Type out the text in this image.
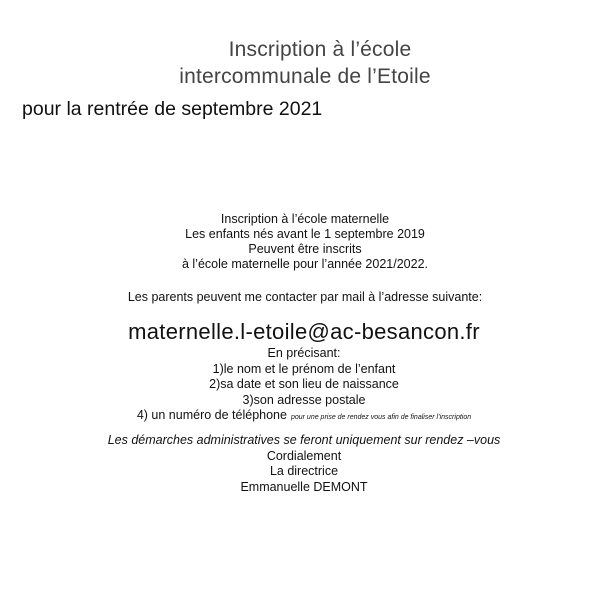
Inscription à l’école
intercommunale de l’Etoile
pour la rentrée de septembre 2021
Inscription à l’école maternelle
Les enfants nés avant le 1 septembre 2019
Peuvent être inscrits
à l’école maternelle pour l’année 2021/2022.
Les parents peuvent me contacter par mail à l’adresse suivante:
maternelle.l-etoile@ac-besancon.fr
En précisant:
1)le nom et le prénom de l’enfant
2)sa date et son lieu de naissance
3)son adresse postale
4) un numéro de téléphone pour une prise de rendez vous afin de finaliser l’inscription
Les démarches administratives se feront uniquement sur rendez –vous
Cordialement
La directrice
Emmanuelle DEMONT
